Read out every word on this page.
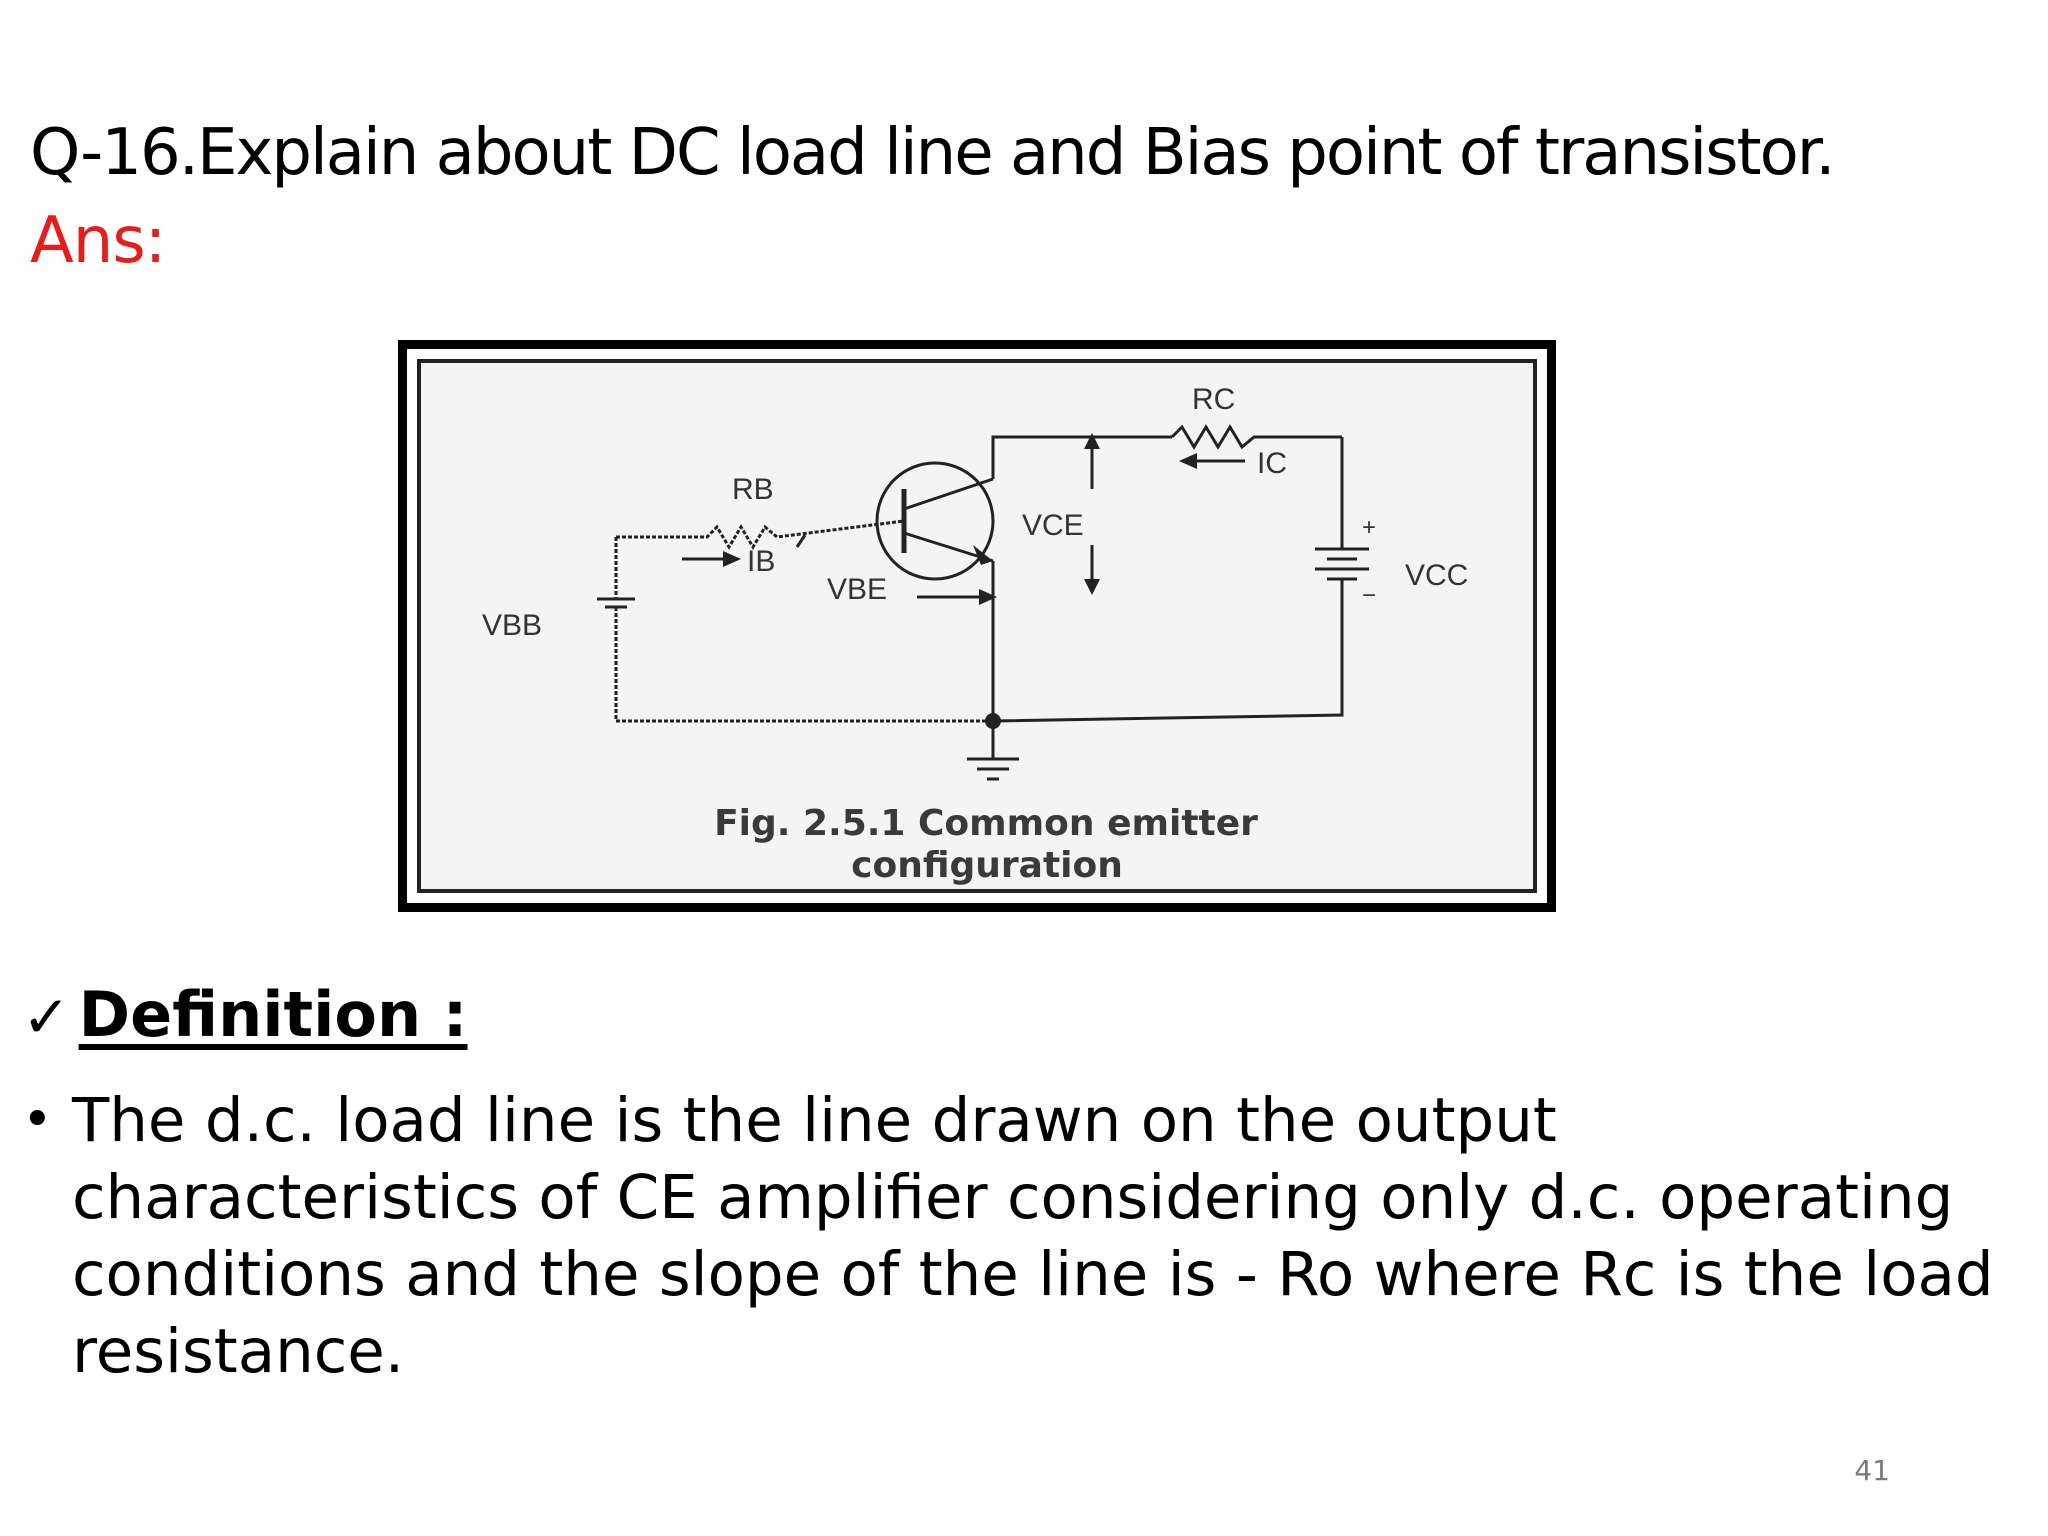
Q-16.Explain about DC load line and Bias point of transistor.
Ans:
RC
IC
RB
IB
VCE
VBE
VBB
VCC
+
−
Fig. 2.5.1 Common emitter
configuration
✓ Definition :
• The d.c. load line is the line drawn on the output characteristics of CE amplifier considering only d.c. operating conditions and the slope of the line is - Ro where Rc is the load resistance.
41
